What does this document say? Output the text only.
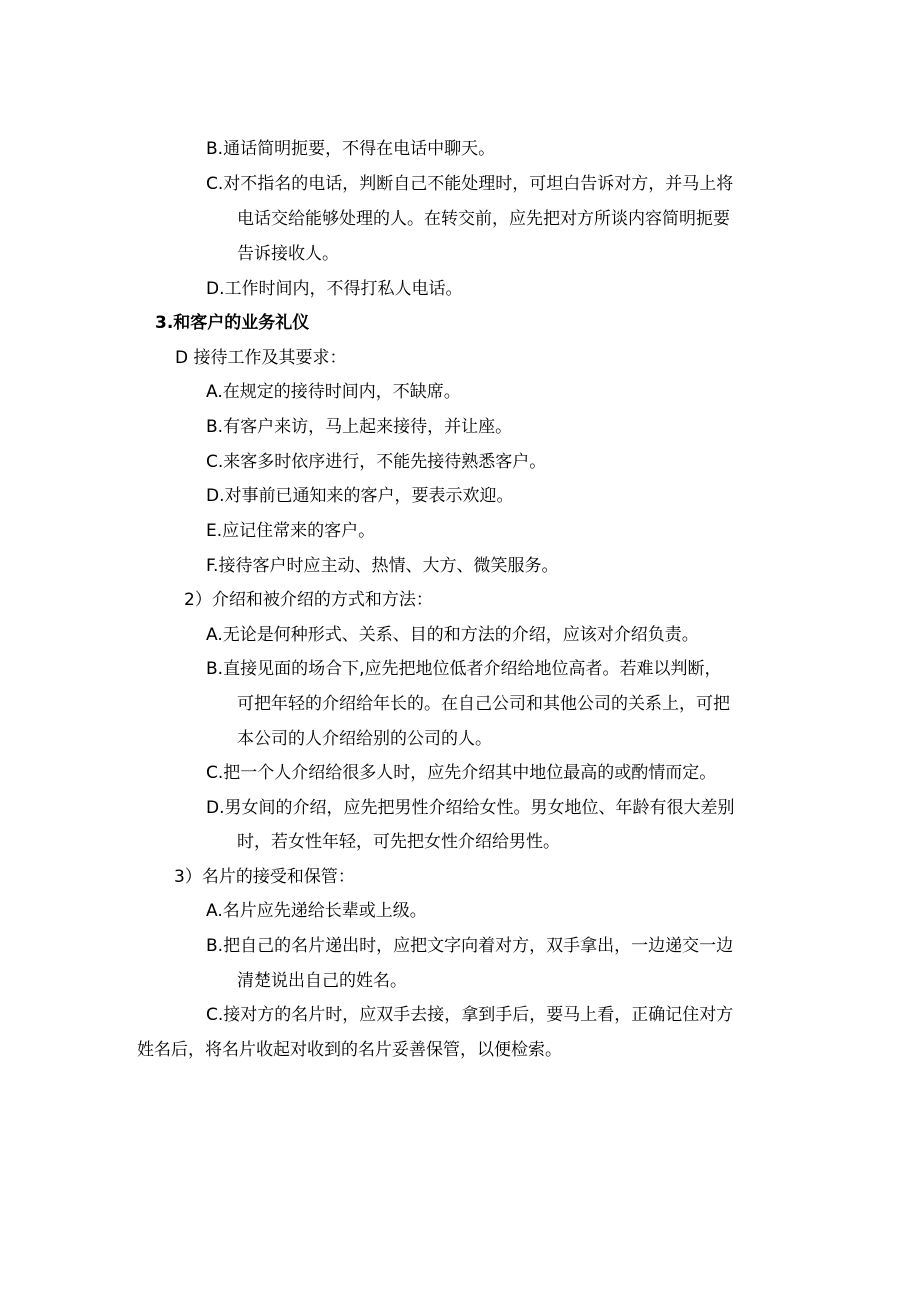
B.通话简明扼要，不得在电话中聊天。
C.对不指名的电话，判断自己不能处理时，可坦白告诉对方，并马上将
电话交给能够处理的人。在转交前，应先把对方所谈内容简明扼要
告诉接收人。
D.工作时间内，不得打私人电话。
3.和客户的业务礼仪
D 接待工作及其要求：
A.在规定的接待时间内，不缺席。
B.有客户来访，马上起来接待，并让座。
C.来客多时依序进行，不能先接待熟悉客户。
D.对事前已通知来的客户，要表示欢迎。
E.应记住常来的客户。
F.接待客户时应主动、热情、大方、微笑服务。
2）介绍和被介绍的方式和方法：
A.无论是何种形式、关系、目的和方法的介绍，应该对介绍负责。
B.直接见面的场合下,应先把地位低者介绍给地位高者。若难以判断，
可把年轻的介绍给年长的。在自己公司和其他公司的关系上，可把
本公司的人介绍给别的公司的人。
C.把一个人介绍给很多人时，应先介绍其中地位最高的或酌情而定。
D.男女间的介绍，应先把男性介绍给女性。男女地位、年龄有很大差别
时，若女性年轻，可先把女性介绍给男性。
3）名片的接受和保管：
A.名片应先递给长辈或上级。
B.把自己的名片递出时，应把文字向着对方，双手拿出，一边递交一边
清楚说出自己的姓名。
C.接对方的名片时，应双手去接，拿到手后，要马上看，正确记住对方
姓名后，将名片收起对收到的名片妥善保管，以便检索。
